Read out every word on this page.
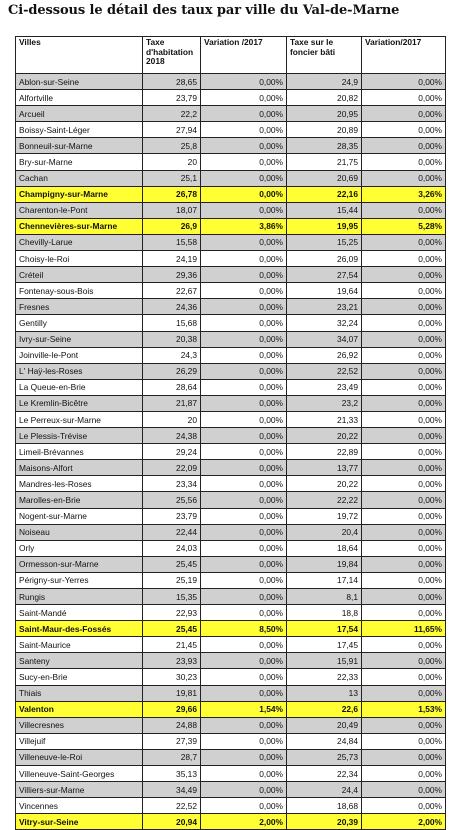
Ci-dessous le détail des taux par ville du Val-de-Marne
Villes	Taxe d'habitation 2018	Variation /2017	Taxe sur le foncier bâti	Variation/2017
Ablon-sur-Seine	28,65	0,00%	24,9	0,00%
Alfortville	23,79	0,00%	20,82	0,00%
Arcueil	22,2	0,00%	20,95	0,00%
Boissy-Saint-Léger	27,94	0,00%	20,89	0,00%
Bonneuil-sur-Marne	25,8	0,00%	28,35	0,00%
Bry-sur-Marne	20	0,00%	21,75	0,00%
Cachan	25,1	0,00%	20,69	0,00%
Champigny-sur-Marne	26,78	0,00%	22,16	3,26%
Charenton-le-Pont	18,07	0,00%	15,44	0,00%
Chennevières-sur-Marne	26,9	3,86%	19,95	5,28%
Chevilly-Larue	15,58	0,00%	15,25	0,00%
Choisy-le-Roi	24,19	0,00%	26,09	0,00%
Créteil	29,36	0,00%	27,54	0,00%
Fontenay-sous-Bois	22,67	0,00%	19,64	0,00%
Fresnes	24,36	0,00%	23,21	0,00%
Gentilly	15,68	0,00%	32,24	0,00%
Ivry-sur-Seine	20,38	0,00%	34,07	0,00%
Joinville-le-Pont	24,3	0,00%	26,92	0,00%
L' Haÿ-les-Roses	26,29	0,00%	22,52	0,00%
La Queue-en-Brie	28,64	0,00%	23,49	0,00%
Le Kremlin-Bicêtre	21,87	0,00%	23,2	0,00%
Le Perreux-sur-Marne	20	0,00%	21,33	0,00%
Le Plessis-Trévise	24,38	0,00%	20,22	0,00%
Limeil-Brévannes	29,24	0,00%	22,89	0,00%
Maisons-Alfort	22,09	0,00%	13,77	0,00%
Mandres-les-Roses	23,34	0,00%	20,22	0,00%
Marolles-en-Brie	25,56	0,00%	22,22	0,00%
Nogent-sur-Marne	23,79	0,00%	19,72	0,00%
Noiseau	22,44	0,00%	20,4	0,00%
Orly	24,03	0,00%	18,64	0,00%
Ormesson-sur-Marne	25,45	0,00%	19,84	0,00%
Périgny-sur-Yerres	25,19	0,00%	17,14	0,00%
Rungis	15,35	0,00%	8,1	0,00%
Saint-Mandé	22,93	0,00%	18,8	0,00%
Saint-Maur-des-Fossés	25,45	8,50%	17,54	11,65%
Saint-Maurice	21,45	0,00%	17,45	0,00%
Santeny	23,93	0,00%	15,91	0,00%
Sucy-en-Brie	30,23	0,00%	22,33	0,00%
Thiais	19,81	0,00%	13	0,00%
Valenton	29,66	1,54%	22,6	1,53%
Villecresnes	24,88	0,00%	20,49	0,00%
Villejuif	27,39	0,00%	24,84	0,00%
Villeneuve-le-Roi	28,7	0,00%	25,73	0,00%
Villeneuve-Saint-Georges	35,13	0,00%	22,34	0,00%
Villiers-sur-Marne	34,49	0,00%	24,4	0,00%
Vincennes	22,52	0,00%	18,68	0,00%
Vitry-sur-Seine	20,94	2,00%	20,39	2,00%
